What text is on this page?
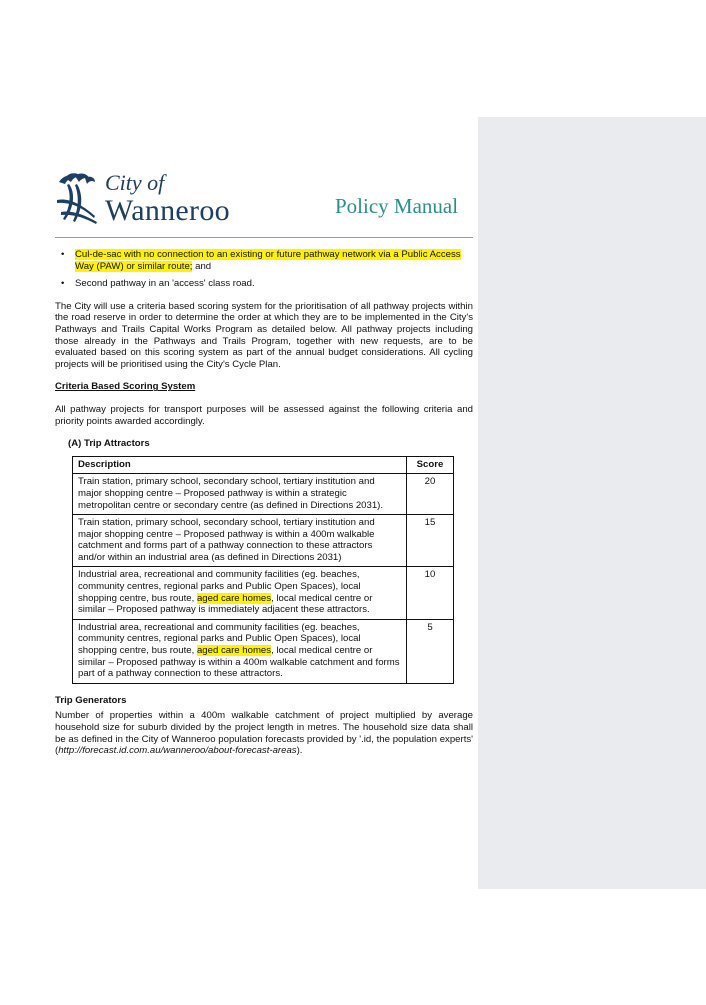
City of
Wanneroo	Policy Manual
• Cul-de-sac with no connection to an existing or future pathway network via a Public Access Way (PAW) or similar route; and
• Second pathway in an 'access' class road.

The City will use a criteria based scoring system for the prioritisation of all pathway projects within the road reserve in order to determine the order at which they are to be implemented in the City's Pathways and Trails Capital Works Program as detailed below. All pathway projects including those already in the Pathways and Trails Program, together with new requests, are to be evaluated based on this scoring system as part of the annual budget considerations. All cycling projects will be prioritised using the City's Cycle Plan.

Criteria Based Scoring System

All pathway projects for transport purposes will be assessed against the following criteria and priority points awarded accordingly.

(A) Trip Attractors
Description	Score
Train station, primary school, secondary school, tertiary institution and major shopping centre – Proposed pathway is within a strategic metropolitan centre or secondary centre (as defined in Directions 2031).	20
Train station, primary school, secondary school, tertiary institution and major shopping centre – Proposed pathway is within a 400m walkable catchment and forms part of a pathway connection to these attractors and/or within an industrial area (as defined in Directions 2031)	15
Industrial area, recreational and community facilities (eg. beaches, community centres, regional parks and Public Open Spaces), local shopping centre, bus route, aged care homes, local medical centre or similar – Proposed pathway is immediately adjacent these attractors.	10
Industrial area, recreational and community facilities (eg. beaches, community centres, regional parks and Public Open Spaces), local shopping centre, bus route, aged care homes, local medical centre or similar – Proposed pathway is within a 400m walkable catchment and forms part of a pathway connection to these attractors.	5
Trip Generators

Number of properties within a 400m walkable catchment of project multiplied by average household size for suburb divided by the project length in metres. The household size data shall be as defined in the City of Wanneroo population forecasts provided by '.id, the population experts' (http://forecast.id.com.au/wanneroo/about-forecast-areas).
